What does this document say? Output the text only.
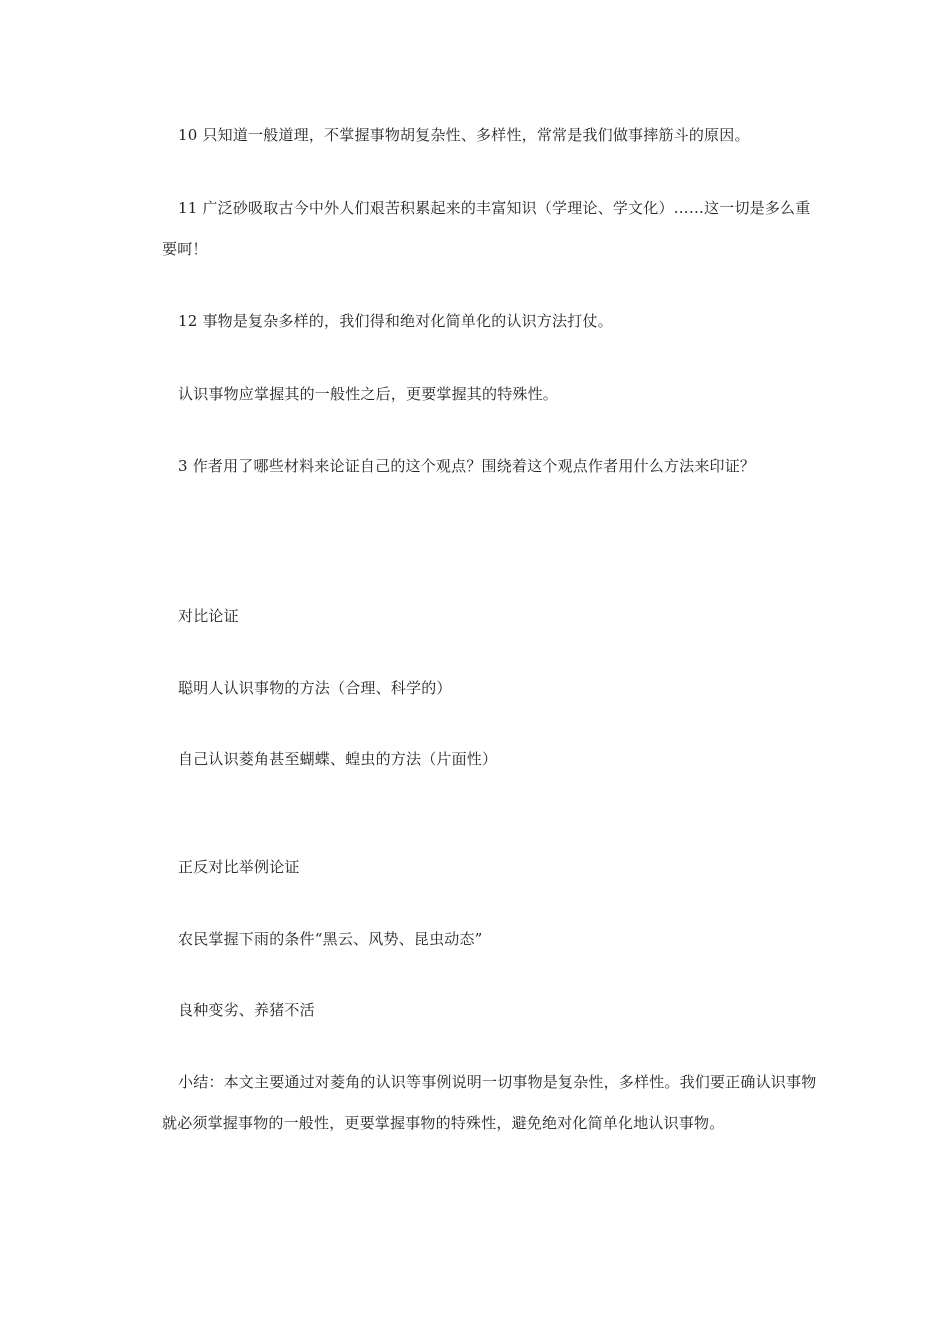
10 只知道一般道理，不掌握事物胡复杂性、多样性，常常是我们做事摔筋斗的原因。

11 广泛砂吸取古今中外人们艰苦积累起来的丰富知识（学理论、学文化）……这一切是多么重要呵！

12 事物是复杂多样的，我们得和绝对化简单化的认识方法打仗。

认识事物应掌握其的一般性之后，更要掌握其的特殊性。

3 作者用了哪些材料来论证自己的这个观点？围绕着这个观点作者用什么方法来印证？

对比论证

聪明人认识事物的方法（合理、科学的）

自己认识菱角甚至蝴蝶、蝗虫的方法（片面性）

正反对比举例论证

农民掌握下雨的条件“黑云、风势、昆虫动态”

良种变劣、养猪不活

小结：本文主要通过对菱角的认识等事例说明一切事物是复杂性，多样性。我们要正确认识事物就必须掌握事物的一般性，更要掌握事物的特殊性，避免绝对化简单化地认识事物。
